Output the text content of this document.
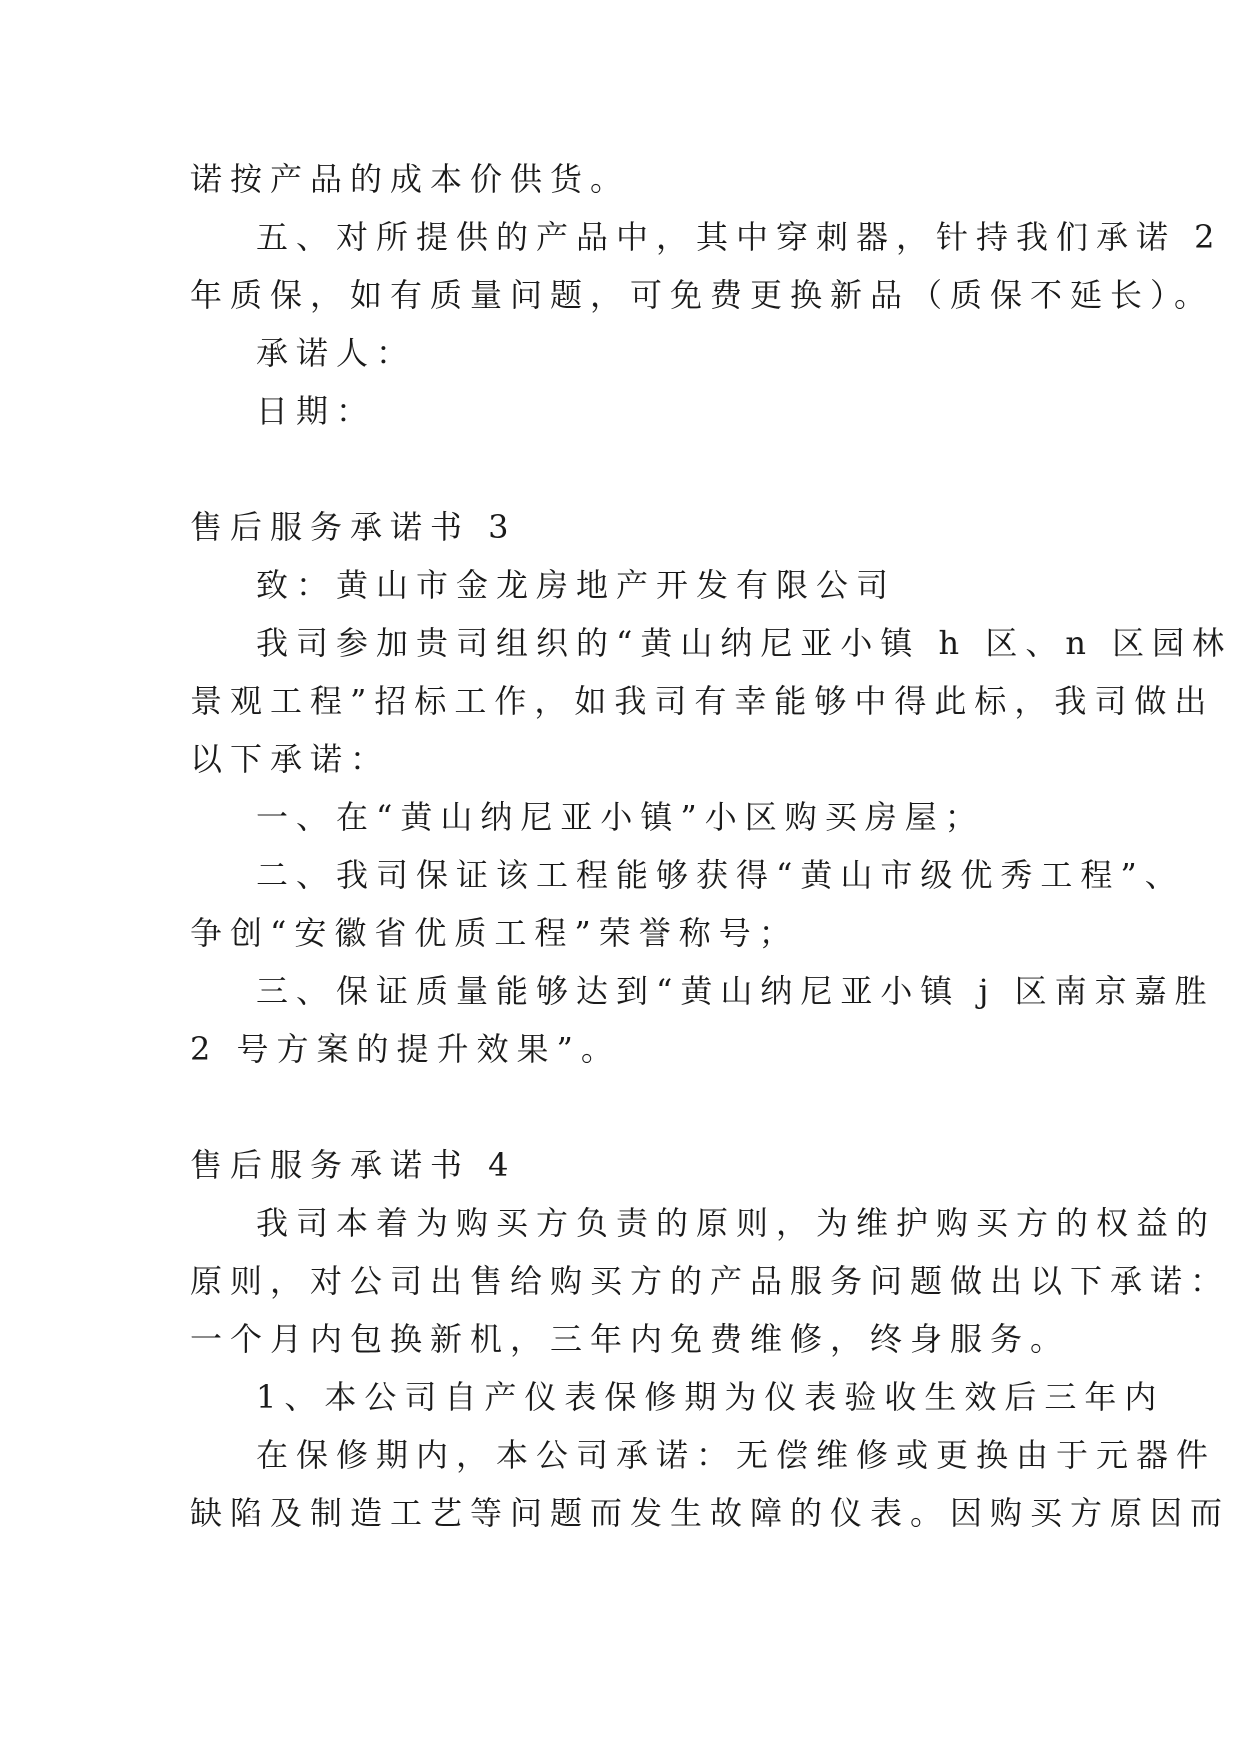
诺按产品的成本价供货。

五、对所提供的产品中，其中穿刺器，针持我们承诺 2

年质保，如有质量问题，可免费更换新品（质保不延长）。

承诺人：

日期：

售后服务承诺书 3

致：黄山市金龙房地产开发有限公司

我司参加贵司组织的“黄山纳尼亚小镇 h 区、n 区园林

景观工程”招标工作，如我司有幸能够中得此标，我司做出

以下承诺：

一、在“黄山纳尼亚小镇”小区购买房屋；

二、我司保证该工程能够获得“黄山市级优秀工程”、

争创“安徽省优质工程”荣誉称号；

三、保证质量能够达到“黄山纳尼亚小镇 j 区南京嘉胜

2 号方案的提升效果”。

售后服务承诺书 4

我司本着为购买方负责的原则，为维护购买方的权益的

原则，对公司出售给购买方的产品服务问题做出以下承诺：

一个月内包换新机，三年内免费维修，终身服务。

1、本公司自产仪表保修期为仪表验收生效后三年内

在保修期内，本公司承诺：无偿维修或更换由于元器件

缺陷及制造工艺等问题而发生故障的仪表。因购买方原因而
